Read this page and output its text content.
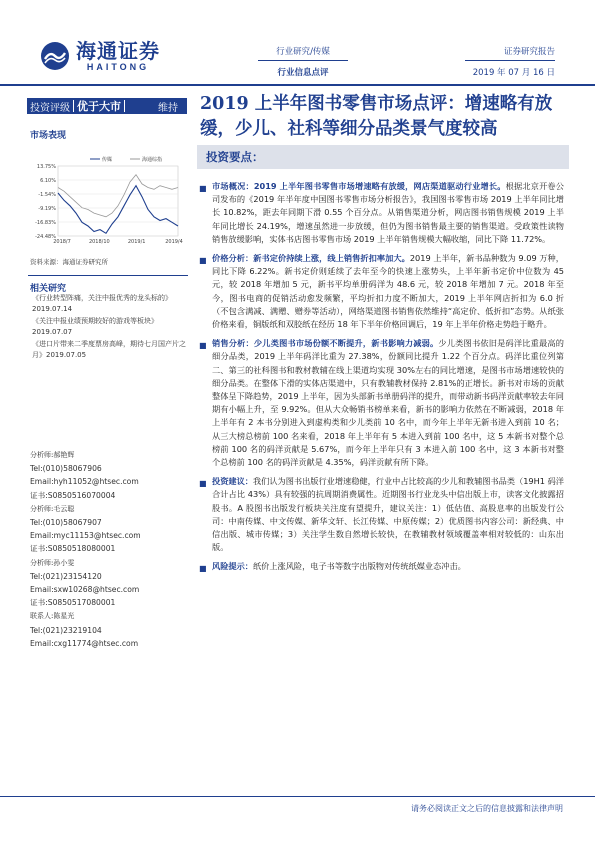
海通证券
HAITONG
行业研究/传媒
行业信息点评
证券研究报告
2019 年 07 月 16 日
投资评级 优于大市	维持
市场表现
13.75%
6.10%
-1.54%
-9.19%
-16.83%
-24.48%
2018/7	2018/10	2019/1	2019/4
传媒	海通综指
资料来源：海通证券研究所
相关研究
《行业转型阵痛，关注中报优秀的龙头标的》2019.07.14
《关注中报业绩预期较好的游戏等板块》2019.07.07
《进口片带来二季度票房高峰，期待七月国产片之月》2019.07.05
分析师:郝艳辉
Tel:(010)58067906
Email:hyh11052@htsec.com
证书:S0850516070004
分析师:毛云聪
Tel:(010)58067907
Email:myc11153@htsec.com
证书:S0850518080001
分析师:孙小雯
Tel:(021)23154120
Email:sxw10268@htsec.com
证书:S0850517080001
联系人:陈星光
Tel:(021)23219104
Email:cxg11774@htsec.com
2019 上半年图书零售市场点评：增速略有放缓，少儿、社科等细分品类景气度较高
投资要点：
■ 市场概况：2019 上半年图书零售市场增速略有放缓，网店渠道驱动行业增长。根据北京开卷公司发布的《2019 年半年度中国图书零售市场分析报告》，我国图书零售市场 2019 上半年同比增长 10.82%，距去年同期下滑 0.55 个百分点。从销售渠道分析，网店图书销售规模 2019 上半年同比增长 24.19%，增速虽然进一步放缓，但仍为图书销售最主要的销售渠道。受政策性读物销售放缓影响，实体书店图书零售市场 2019 上半年销售规模大幅收缩，同比下降 11.72%。
■ 价格分析：新书定价持续上涨，线上销售折扣率加大。2019 上半年，新书品种数为 9.09 万种，同比下降 6.22%。新书定价则延续了去年至今的快速上涨势头，上半年新书定价中位数为 45 元，较 2018 年增加 5 元，新书平均单册码洋为 48.6 元，较 2018 年增加 7 元。2018 年至今，图书电商的促销活动愈发频繁，平均折扣力度不断加大，2019 上半年网店折扣为 6.0 折（不包含满减、满赠、赠券等活动），网络渠道图书销售依然维持“高定价、低折扣”态势。从纸张价格来看，铜版纸和双胶纸在经历 18 年下半年价格回调后，19 年上半年价格走势趋于略升。
■ 销售分析：少儿类图书市场份额不断提升，新书影响力减弱。少儿类图书依旧是码洋比重最高的细分品类，2019 上半年码洋比重为 27.38%，份额同比提升 1.22 个百分点。码洋比重位列第二、第三的社科图书和教材教辅在线上渠道均实现 30%左右的同比增速，是图书市场增速较快的细分品类。在整体下滑的实体店渠道中，只有教辅教材保持 2.81%的正增长。新书对市场的贡献整体呈下降趋势，2019 上半年，因为头部新书单册码洋的提升，而带动新书码洋贡献率较去年同期有小幅上升，至 9.92%。但从大众畅销书榜单来看，新书的影响力依然在不断减弱，2018 年上半年有 2 本书分别进入到虚构类和少儿类前 10 名中，而今年上半年无新书进入到前 10 名；从三大榜总榜前 100 名来看，2018 年上半年有 5 本进入到前 100 名中，这 5 本新书对整个总榜前 100 名的码洋贡献是 5.67%，而今年上半年只有 3 本进入前 100 名中，这 3 本新书对整个总榜前 100 名的码洋贡献是 4.35%，码洋贡献有所下降。
■ 投资建议：我们认为图书出版行业增速稳健，行业中占比较高的少儿和教辅图书品类（19H1 码洋合计占比 43%）具有较强的抗周期消费属性。近期图书行业龙头中信出版上市，读客文化披露招股书。A 股图书出版发行板块关注度有望提升，建议关注：1）低估值、高股息率的出版发行公司：中南传媒、中文传媒、新华文轩、长江传媒、中原传媒；2）优质图书内容公司：新经典、中信出版、城市传媒；3）关注学生数自然增长较快，在教辅教材领域覆盖率相对较低的：山东出版。
■ 风险提示：纸价上涨风险，电子书等数字出版物对传统纸媒业态冲击。
请务必阅读正文之后的信息披露和法律声明
